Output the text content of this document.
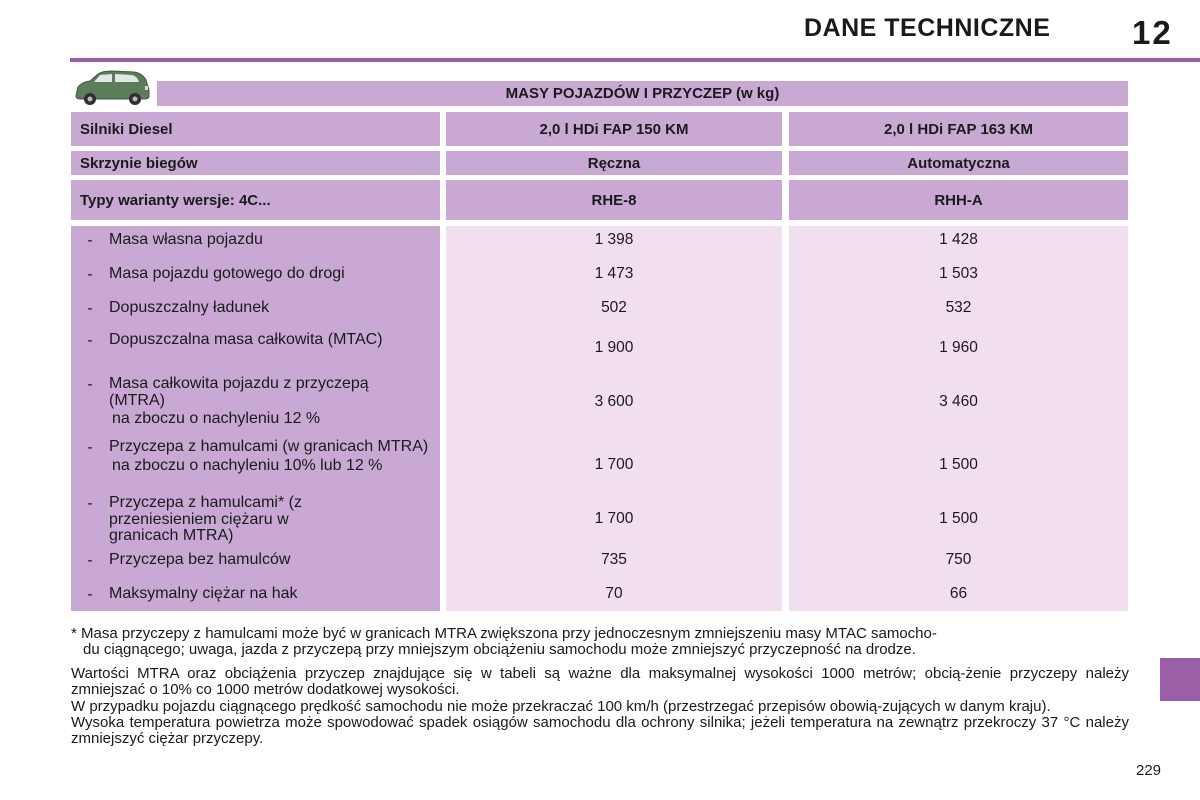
DANE TECHNICZNE 12
MASY POJAZDÓW I PRZYCZEP (w kg)
Silniki Diesel	2,0 l HDi FAP 150 KM	2,0 l HDi FAP 163 KM
Skrzynie biegów	Ręczna	Automatyczna
Typy warianty wersje: 4C...	RHE-8	RHH-A
-	Masa własna pojazdu	1 398	1 428
-	Masa pojazdu gotowego do drogi	1 473	1 503
-	Dopuszczalny ładunek	502	532
-	Dopuszczalna masa całkowita (MTAC)	1 900	1 960
-	Masa całkowita pojazdu z przyczepą (MTRA)
na zboczu o nachyleniu 12 %
3 600	3 460
-	Przyczepa z hamulcami (w granicach MTRA)
na zboczu o nachyleniu 10% lub 12 %	1 700	1 500
-	Przyczepa z hamulcami* (z przeniesieniem ciężaru w granicach MTRA)
1 700	1 500
-	Przyczepa bez hamulców	735	750
-	Maksymalny ciężar na hak	70	66
* Masa przyczepy z hamulcami może być w granicach MTRA zwiększona przy jednoczesnym zmniejszeniu masy MTAC samocho-
du ciągnącego; uwaga, jazda z przyczepą przy mniejszym obciążeniu samochodu może zmniejszyć przyczepność na drodze.
Wartości MTRA oraz obciążenia przyczep znajdujące się w tabeli są ważne dla maksymalnej wysokości 1000 metrów; obcią-żenie przyczepy należy zmniejszać o 10% co 1000 metrów dodatkowej wysokości.
W przypadku pojazdu ciągnącego prędkość samochodu nie może przekraczać 100 km/h (przestrzegać przepisów obowią-zujących w danym kraju).
Wysoka temperatura powietrza może spowodować spadek osiągów samochodu dla ochrony silnika; jeżeli temperatura na zewnątrz przekroczy 37 °C należy zmniejszyć ciężar przyczepy.
229
